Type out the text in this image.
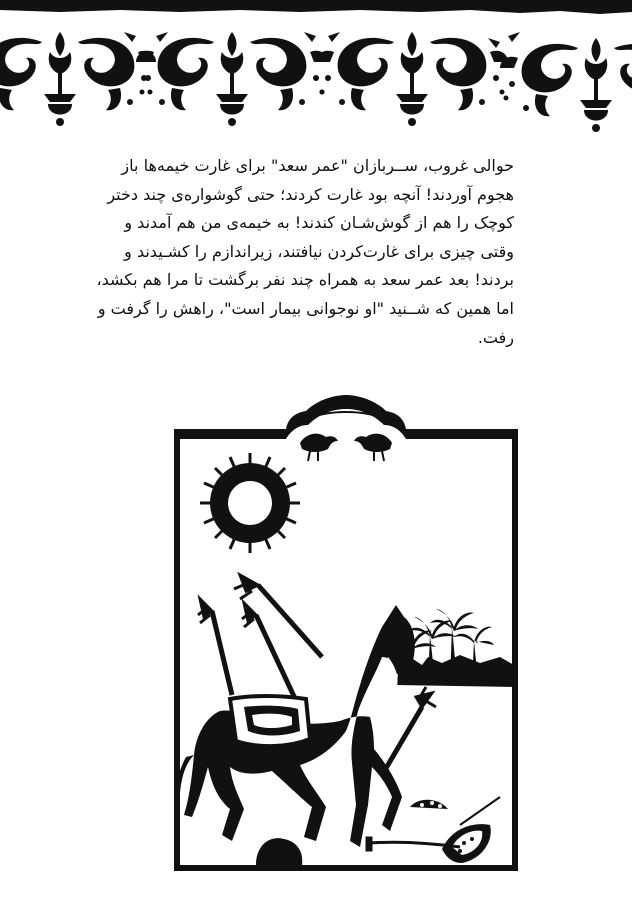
حوالی غروب، ســربازان "عمر سعد" برای غارت خیمه‌ها باز
هجوم آوردند! آنچه بود غارت کردند؛ حتی گوشواره‌ی چند دختر
کوچک را هم از گوش‌شـان کندند! به خیمه‌ی من هم آمدند و
وقتی چیزی برای غارت‌کردن نیافتند، زیراندازم را کشـیدند و
بردند! بعد عمر سعد به همراه چند نفر برگشت تا مرا هم بکشد،
اما همین که شــنید "او نوجوانی بیمار است"، راهش را گرفت و
رفت.
